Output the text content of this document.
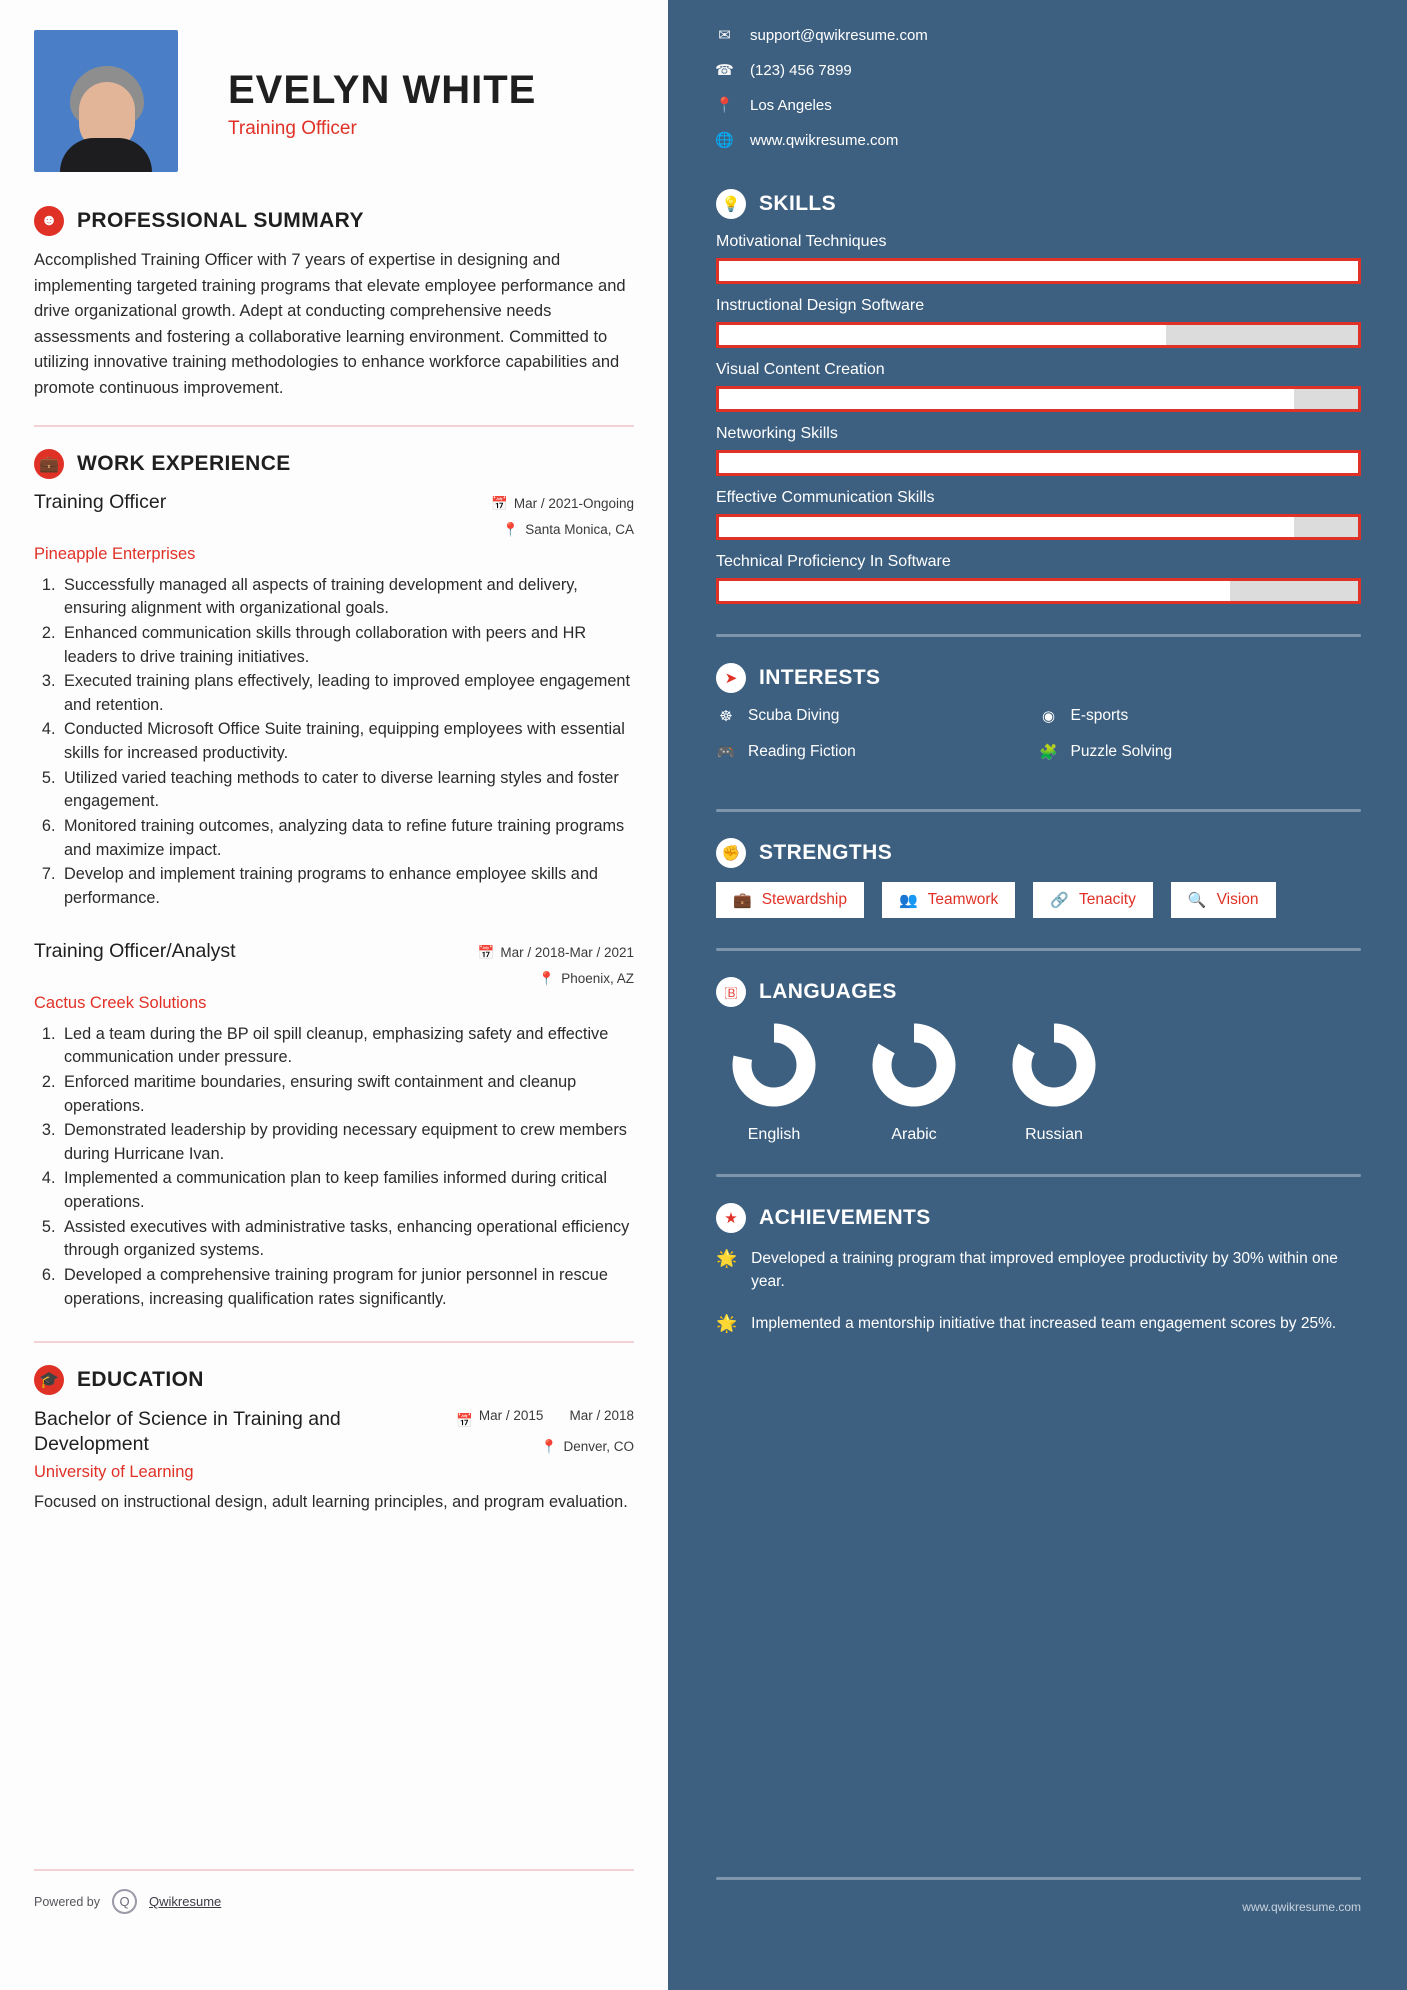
EVELYN WHITE
Training Officer
☻ PROFESSIONAL SUMMARY
Accomplished Training Officer with 7 years of expertise in designing and implementing targeted training programs that elevate employee performance and drive organizational growth. Adept at conducting comprehensive needs assessments and fostering a collaborative learning environment. Committed to utilizing innovative training methodologies to enhance workforce capabilities and promote continuous improvement.
💼 WORK EXPERIENCE
Training Officer	📅 Mar / 2021-Ongoing
📍 Santa Monica, CA
Pineapple Enterprises
1. Successfully managed all aspects of training development and delivery, ensuring alignment with organizational goals.
2. Enhanced communication skills through collaboration with peers and HR leaders to drive training initiatives.
3. Executed training plans effectively, leading to improved employee engagement and retention.
4. Conducted Microsoft Office Suite training, equipping employees with essential skills for increased productivity.
5. Utilized varied teaching methods to cater to diverse learning styles and foster engagement.
6. Monitored training outcomes, analyzing data to refine future training programs and maximize impact.
7. Develop and implement training programs to enhance employee skills and performance.
Training Officer/Analyst	📅 Mar / 2018-Mar / 2021
📍 Phoenix, AZ
Cactus Creek Solutions
1. Led a team during the BP oil spill cleanup, emphasizing safety and effective communication under pressure.
2. Enforced maritime boundaries, ensuring swift containment and cleanup operations.
3. Demonstrated leadership by providing necessary equipment to crew members during Hurricane Ivan.
4. Implemented a communication plan to keep families informed during critical operations.
5. Assisted executives with administrative tasks, enhancing operational efficiency through organized systems.
6. Developed a comprehensive training program for junior personnel in rescue operations, increasing qualification rates significantly.
🎓 EDUCATION
Bachelor of Science in Training and Development
📅 Mar / 2015 Mar / 2018
📍 Denver, CO
University of Learning
Focused on instructional design, adult learning principles, and program evaluation.
Powered by	Q	Qwikresume
✉ support@qwikresume.com
☎ (123) 456 7899
📍 Los Angeles
🌐 www.qwikresume.com
💡 SKILLS
Motivational Techniques
Instructional Design Software
Visual Content Creation
Networking Skills
Effective Communication Skills
Technical Proficiency In Software
➤	INTERESTS
☸ Scuba Diving	◉ E-sports
🎮 Reading Fiction	🧩 Puzzle Solving
✊ STRENGTHS
💼 Stewardship	👥 Teamwork	🔗 Tenacity	🔍 Vision
🇧	LANGUAGES
English	Arabic	Russian
★	ACHIEVEMENTS
🌟 Developed a training program that improved employee productivity by 30% within one year.
🌟 Implemented a mentorship initiative that increased team engagement scores by 25%.
www.qwikresume.com
